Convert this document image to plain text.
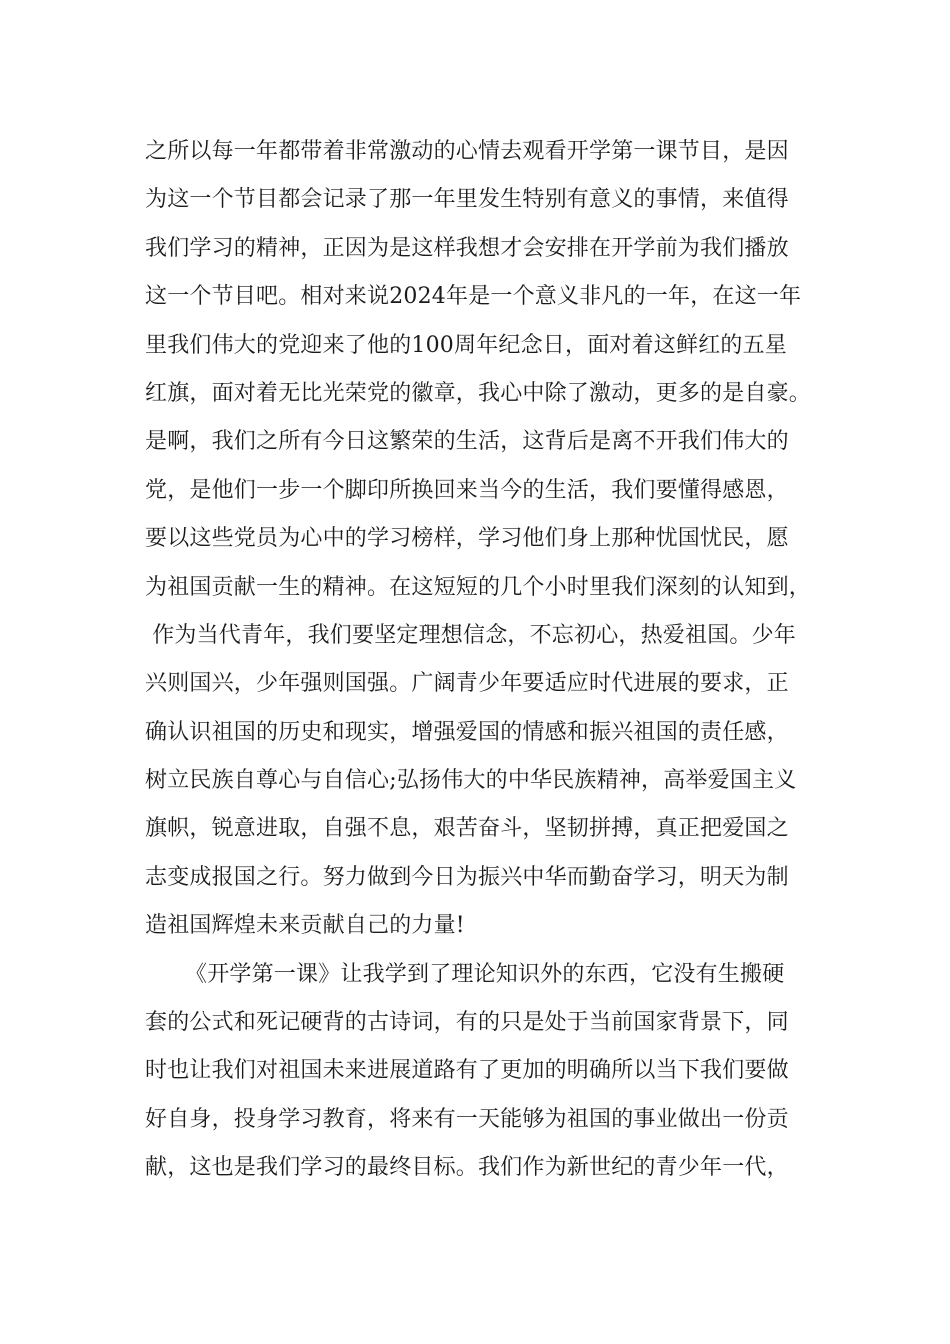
之所以每一年都带着非常激动的心情去观看开学第一课节目，是因
为这一个节目都会记录了那一年里发生特别有意义的事情，来值得
我们学习的精神，正因为是这样我想才会安排在开学前为我们播放
这一个节目吧。相对来说2024年是一个意义非凡的一年，在这一年
里我们伟大的党迎来了他的100周年纪念日，面对着这鲜红的五星
红旗，面对着无比光荣党的徽章，我心中除了激动，更多的是自豪。
是啊，我们之所有今日这繁荣的生活，这背后是离不开我们伟大的
党，是他们一步一个脚印所换回来当今的生活，我们要懂得感恩，
要以这些党员为心中的学习榜样，学习他们身上那种忧国忧民，愿
为祖国贡献一生的精神。在这短短的几个小时里我们深刻的认知到，
作为当代青年，我们要坚定理想信念，不忘初心，热爱祖国。少年
兴则国兴，少年强则国强。广阔青少年要适应时代进展的要求，正
确认识祖国的历史和现实，增强爱国的情感和振兴祖国的责任感，
树立民族自尊心与自信心;弘扬伟大的中华民族精神，高举爱国主义
旗帜，锐意进取，自强不息，艰苦奋斗，坚韧拼搏，真正把爱国之
志变成报国之行。努力做到今日为振兴中华而勤奋学习，明天为制
造祖国辉煌未来贡献自己的力量!
《开学第一课》让我学到了理论知识外的东西，它没有生搬硬
套的公式和死记硬背的古诗词，有的只是处于当前国家背景下，同
时也让我们对祖国未来进展道路有了更加的明确所以当下我们要做
好自身，投身学习教育，将来有一天能够为祖国的事业做出一份贡
献，这也是我们学习的最终目标。我们作为新世纪的青少年一代，
